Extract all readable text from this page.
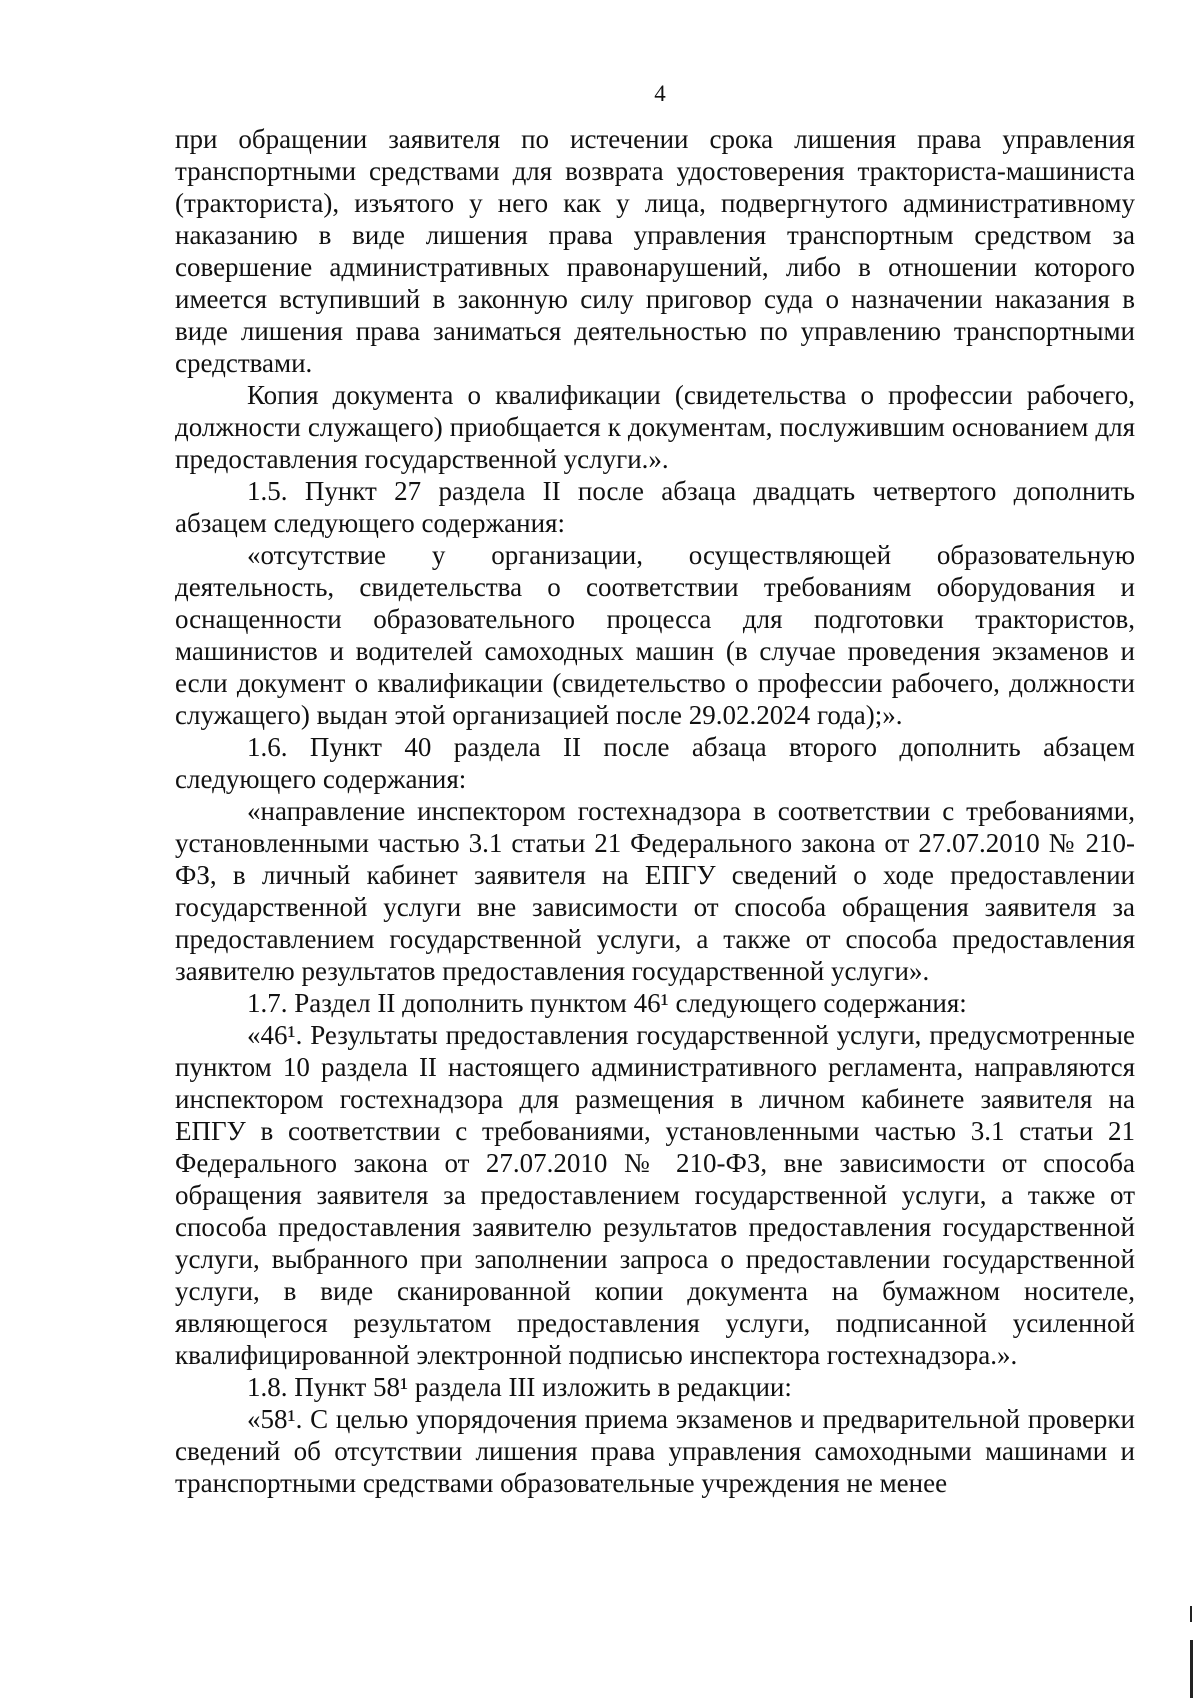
4

при обращении заявителя по истечении срока лишения права управления транспортными средствами для возврата удостоверения тракториста-машиниста (тракториста), изъятого у него как у лица, подвергнутого административному наказанию в виде лишения права управления транспортным средством за совершение административных правонарушений, либо в отношении которого имеется вступивший в законную силу приговор суда о назначении наказания в виде лишения права заниматься деятельностью по управлению транспортными средствами.

Копия документа о квалификации (свидетельства о профессии рабочего, должности служащего) приобщается к документам, послужившим основанием для предоставления государственной услуги.».

1.5. Пункт 27 раздела II после абзаца двадцать четвертого дополнить абзацем следующего содержания:

«отсутствие у организации, осуществляющей образовательную деятельность, свидетельства о соответствии требованиям оборудования и оснащенности образовательного процесса для подготовки трактористов, машинистов и водителей самоходных машин (в случае проведения экзаменов и если документ о квалификации (свидетельство о профессии рабочего, должности служащего) выдан этой организацией после 29.02.2024 года);».

1.6. Пункт 40 раздела II после абзаца второго дополнить абзацем следующего содержания:

«направление инспектором гостехнадзора в соответствии с требованиями, установленными частью 3.1 статьи 21 Федерального закона от 27.07.2010 № 210-ФЗ, в личный кабинет заявителя на ЕПГУ сведений о ходе предоставлении государственной услуги вне зависимости от способа обращения заявителя за предоставлением государственной услуги, а также от способа предоставления заявителю результатов предоставления государственной услуги».

1.7. Раздел II дополнить пунктом 46¹ следующего содержания:

«46¹. Результаты предоставления государственной услуги, предусмотренные пунктом 10 раздела II настоящего административного регламента, направляются инспектором гостехнадзора для размещения в личном кабинете заявителя на ЕПГУ в соответствии с требованиями, установленными частью 3.1 статьи 21 Федерального закона от 27.07.2010 № 210-ФЗ, вне зависимости от способа обращения заявителя за предоставлением государственной услуги, а также от способа предоставления заявителю результатов предоставления государственной услуги, выбранного при заполнении запроса о предоставлении государственной услуги, в виде сканированной копии документа на бумажном носителе, являющегося результатом предоставления услуги, подписанной усиленной квалифицированной электронной подписью инспектора гостехнадзора.».

1.8. Пункт 58¹ раздела III изложить в редакции:

«58¹. С целью упорядочения приема экзаменов и предварительной проверки сведений об отсутствии лишения права управления самоходными машинами и транспортными средствами образовательные учреждения не менее
